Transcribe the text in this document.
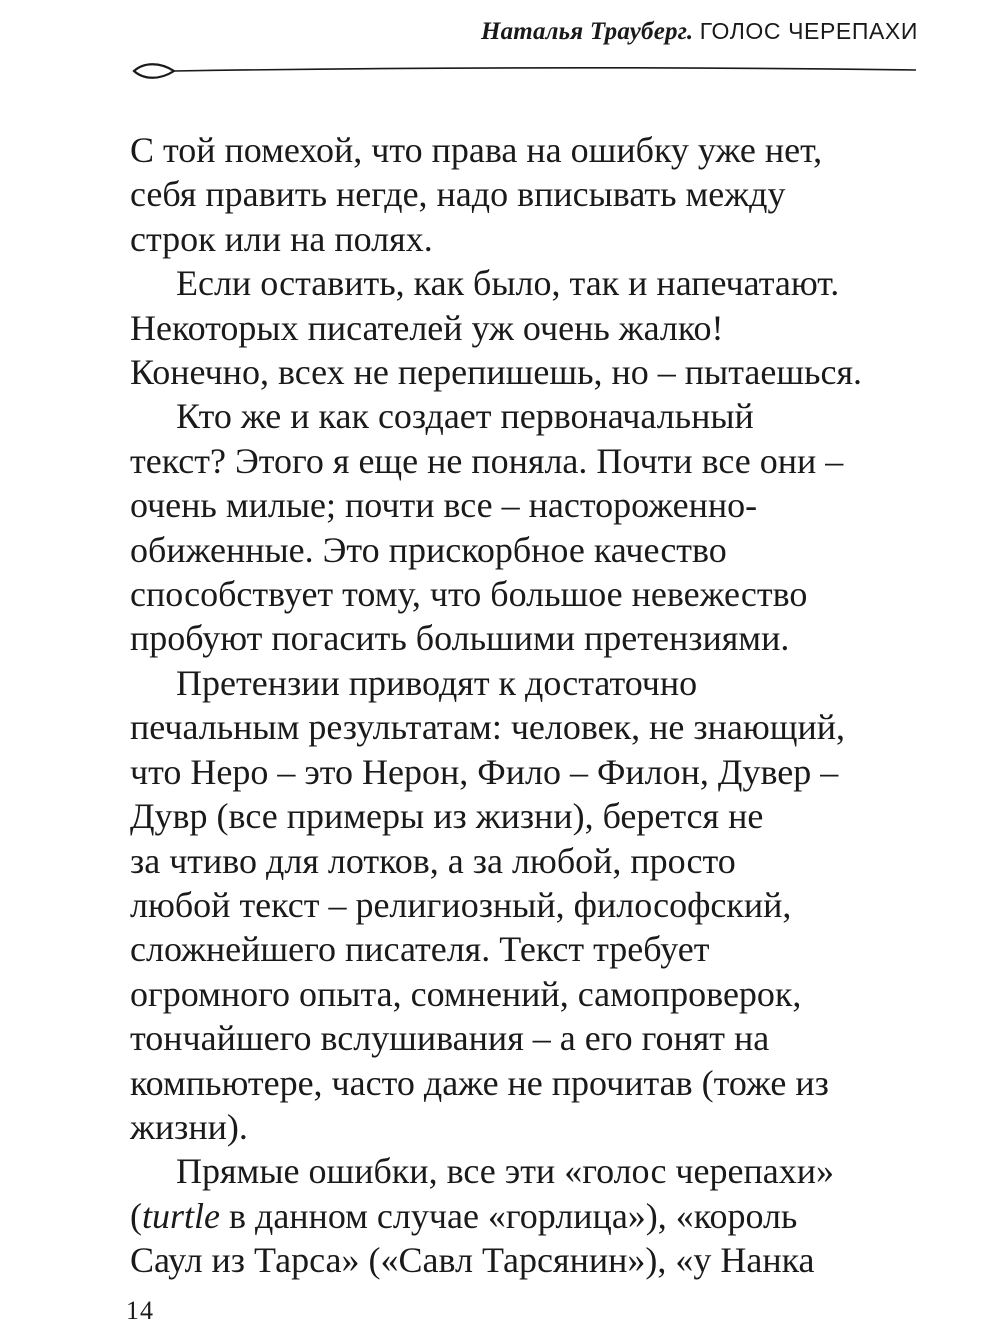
Наталья Трауберг. ГОЛОС ЧЕРЕПАХИ

С той помехой, что права на ошибку уже нет,
себя править негде, надо вписывать между
строк или на полях.

Если оставить, как было, так и напечатают.
Некоторых писателей уж очень жалко!
Конечно, всех не перепишешь, но – пытаешься.

Кто же и как создает первоначальный
текст? Этого я еще не поняла. Почти все они –
очень милые; почти все – настороженно-
обиженные. Это прискорбное качество
способствует тому, что большое невежество
пробуют погасить большими претензиями.

Претензии приводят к достаточно
печальным результатам: человек, не знающий,
что Неро – это Нерон, Фило – Филон, Дувер –
Дувр (все примеры из жизни), берется не
за чтиво для лотков, а за любой, просто
любой текст – религиозный, философский,
сложнейшего писателя. Текст требует
огромного опыта, сомнений, самопроверок,
тончайшего вслушивания – а его гонят на
компьютере, часто даже не прочитав (тоже из
жизни).

Прямые ошибки, все эти «голос черепахи»
(turtle в данном случае «горлица»), «король
Саул из Тарса» («Савл Тарсянин»), «у Нанка

14
